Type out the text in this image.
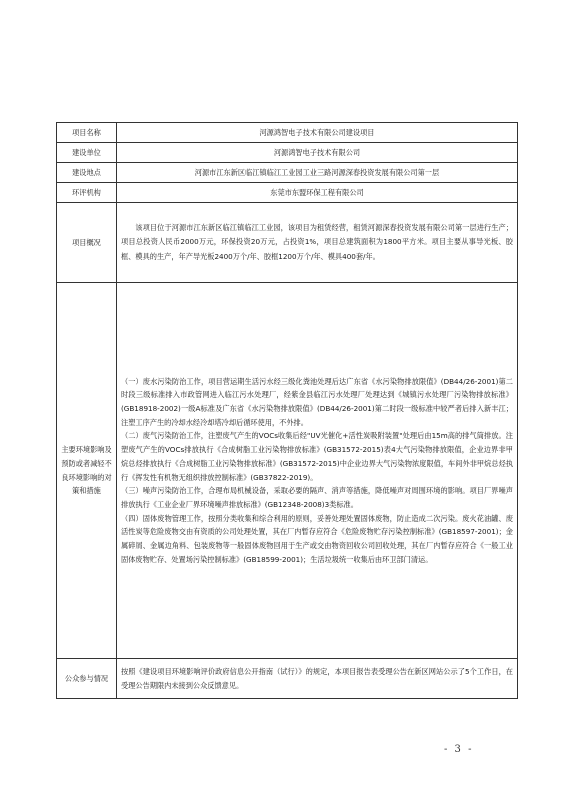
项目名称	河源鸿智电子技术有限公司建设项目
建设单位	河源鸿智电子技术有限公司
建设地点	河源市江东新区临江镇临江工业园工业三路河源深春投资发展有限公司第一层
环评机构	东莞市东盟环保工程有限公司
项目概况	该项目位于河源市江东新区临江镇临江工业园，该项目为租赁经营，租赁河源深春投资发展有限公司第一层进行生产；项目总投资人民币2000万元，环保投资20万元，占投资1%，项目总建筑面积为1800平方米。项目主要从事导光板、胶框、模具的生产，年产导光板2400万个/年、胶框1200万个/年、模具400套/年。

主要环境影响及预防或者减轻不良环境影响的对策和措施	（一）废水污染防治工作，项目营运期生活污水经三级化粪池处理后达广东省《水污染物排放限值》(DB44/26-2001)第二时段三级标准排入市政管网进入临江污水处理厂，经紫金县临江污水处理厂处理达到《城镇污水处理厂污染物排放标准》(GB18918-2002)一级A标准及广东省《水污染物排放限值》(DB44/26-2001)第二时段一级标准中较严者后排入新丰江；注塑工序产生的冷却水经冷却塔冷却后循环使用，不外排。

（二）废气污染防治工作，注塑废气产生的VOCs收集后经"UV光催化+活性炭吸附装置"处理后由15m高的排气筒排放。注塑废气产生的VOCs排放执行《合成树脂工业污染物排放标准》(GB31572-2015)表4大气污染物排放限值，企业边界非甲烷总烃排放执行《合成树脂工业污染物排放标准》(GB31572-2015)中企业边界大气污染物浓度限值，车间外非甲烷总烃执行《挥发性有机物无组织排放控制标准》(GB37822-2019)。

（三）噪声污染防治工作，合理布局机械设备，采取必要的隔声、消声等措施，降低噪声对周围环境的影响。项目厂界噪声排放执行《工业企业厂界环境噪声排放标准》(GB12348-2008)3类标准。

（四）固体废物管理工作，按照分类收集和综合利用的原则，妥善处理处置固体废物，防止造成二次污染。废火花油罐、废活性炭等危险废物交由有资质的公司处理处置，其在厂内暂存应符合《危险废物贮存污染控制标准》(GB18597-2001)；金属碎屑、金属边角料、包装废物等一般固体废物回用于生产或交由物资回收公司回收处理，其在厂内暂存应符合《一般工业固体废物贮存、处置场污染控制标准》(GB18599-2001)；生活垃圾统一收集后由环卫部门清运。

公众参与情况	按照《建设项目环境影响评价政府信息公开指南（试行）》的规定，本项目报告表受理公告在新区网站公示了5个工作日，在受理公告期限内未接到公众反馈意见。

- 3 -
